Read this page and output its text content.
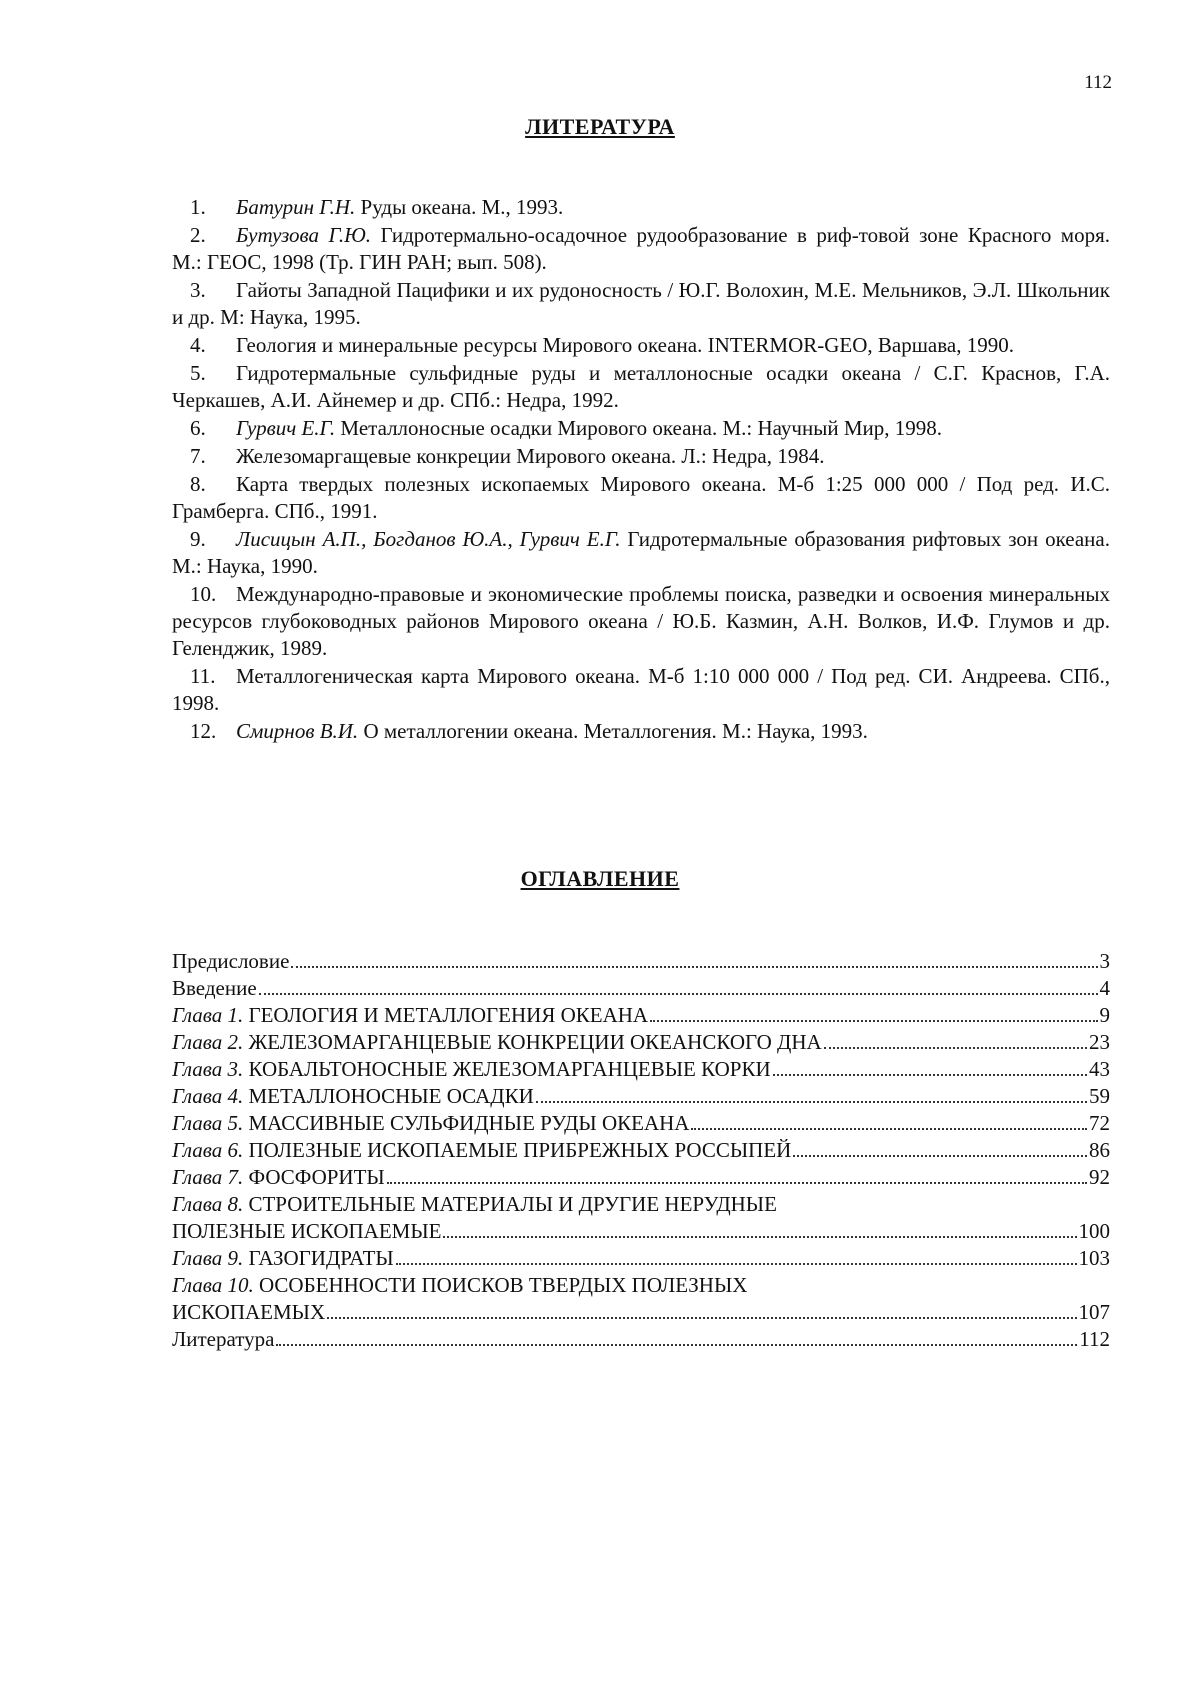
112
ЛИТЕРАТУРА
1. Батурин Г.Н. Руды океана. М., 1993.
2. Бутузова Г.Ю. Гидротермально-осадочное рудообразование в риф-товой зоне Красного моря. М.: ГЕОС, 1998 (Тр. ГИН РАН; вып. 508).
3. Гайоты Западной Пацифики и их рудоносность / Ю.Г. Волохин, М.Е. Мельников, Э.Л. Школьник и др. М: Наука, 1995.
4. Геология и минеральные ресурсы Мирового океана. INTERMOR-GEO, Варшава, 1990.
5. Гидротермальные сульфидные руды и металлоносные осадки океана / С.Г. Краснов, Г.А. Черкашев, А.И. Айнемер и др. СПб.: Недра, 1992.
6. Гурвич Е.Г. Металлоносные осадки Мирового океана. М.: Научный Мир, 1998.
7. Железомаргащевые конкреции Мирового океана. Л.: Недра, 1984.
8. Карта твердых полезных ископаемых Мирового океана. М-б 1:25 000 000 / Под ред. И.С. Грамберга. СПб., 1991.
9. Лисицын А.П., Богданов Ю.А., Гурвич Е.Г. Гидротермальные образования рифтовых зон океана. М.: Наука, 1990.
10. Международно-правовые и экономические проблемы поиска, разведки и освоения минеральных ресурсов глубоководных районов Мирового океана / Ю.Б. Казмин, А.Н. Волков, И.Ф. Глумов и др. Геленджик, 1989.
11. Металлогеническая карта Мирового океана. М-б 1:10 000 000 / Под ред. СИ. Андреева. СПб., 1998.
12. Смирнов В.И. О металлогении океана. Металлогения. М.: Наука, 1993.
ОГЛАВЛЕНИЕ
Предисловие	3
Введение	4
Глава 1. ГЕОЛОГИЯ И МЕТАЛЛОГЕНИЯ ОКЕАНА	9
Глава 2. ЖЕЛЕЗОМАРГАНЦЕВЫЕ КОНКРЕЦИИ ОКЕАНСКОГО ДНА	23
Глава 3. КОБАЛЬТОНОСНЫЕ ЖЕЛЕЗОМАРГАНЦЕВЫЕ КОРКИ	43
Глава 4. МЕТАЛЛОНОСНЫЕ ОСАДКИ	59
Глава 5. МАССИВНЫЕ СУЛЬФИДНЫЕ РУДЫ ОКЕАНА	72
Глава 6. ПОЛЕЗНЫЕ ИСКОПАЕМЫЕ ПРИБРЕЖНЫХ РОССЫПЕЙ	86
Глава 7. ФОСФОРИТЫ	92
Глава 8. СТРОИТЕЛЬНЫЕ МАТЕРИАЛЫ И ДРУГИЕ НЕРУДНЫЕ
ПОЛЕЗНЫЕ ИСКОПАЕМЫЕ	100
Глава 9. ГАЗОГИДРАТЫ	103
Глава 10. ОСОБЕННОСТИ ПОИСКОВ ТВЕРДЫХ ПОЛЕЗНЫХ
ИСКОПАЕМЫХ	107
Литература	112
